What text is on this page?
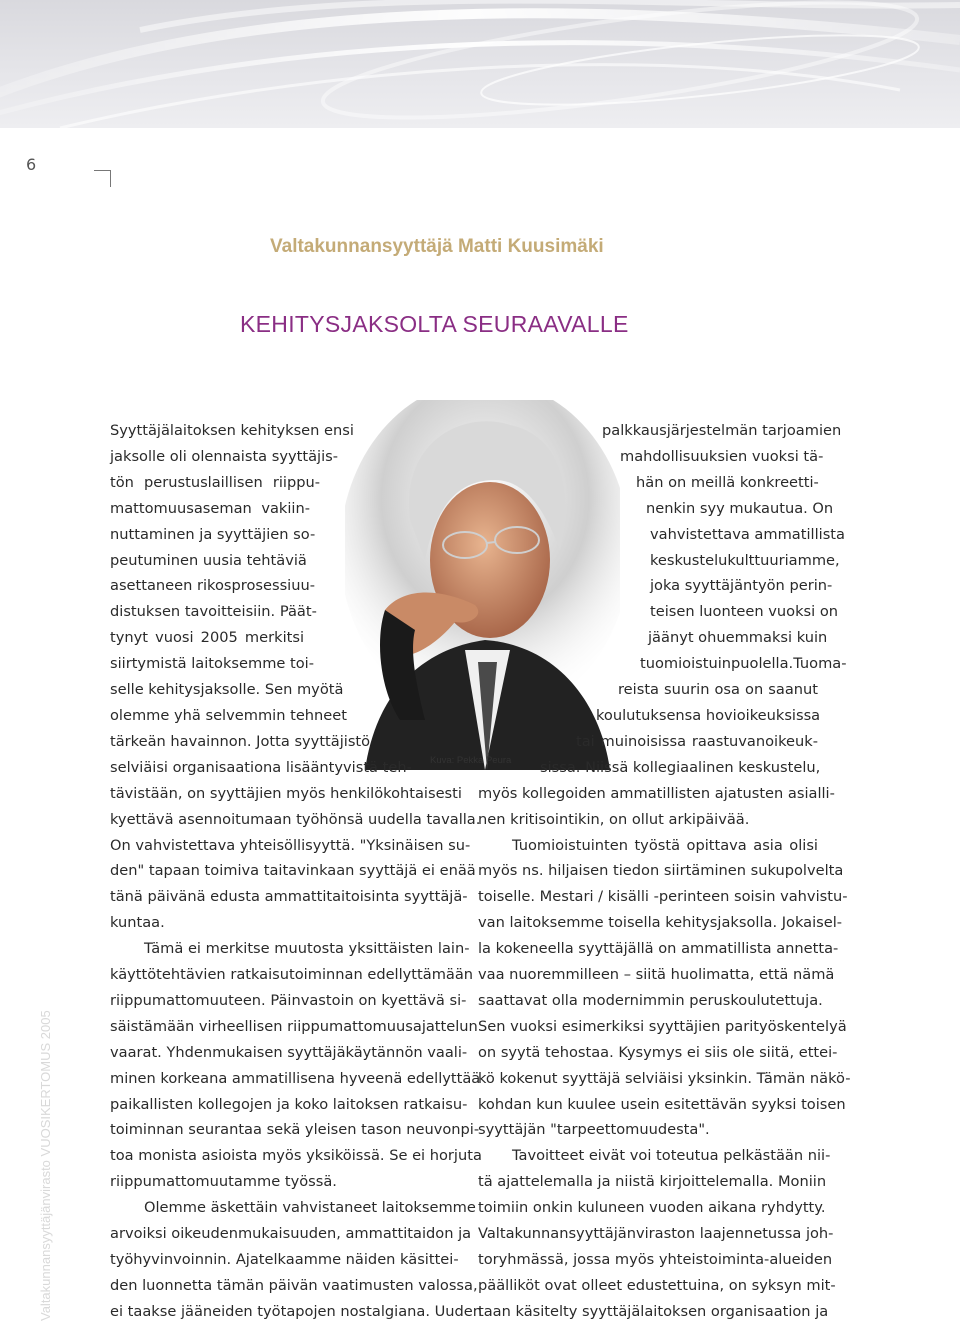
6
Valtakunnansyyttäjänvirasto VUOSIKERTOMUS 2005
Valtakunnansyyttäjä Matti Kuusimäki
KEHITYSJAKSOLTA SEURAAVALLE
Kuva: Pekka Peura
Syyttäjälaitoksen kehityksen ensi
jaksolle oli olennaista syyttäjis-
tön perustuslaillisen riippu-
mattomuusaseman vakiin-
nuttaminen ja syyttäjien so-
peutuminen uusia tehtäviä
asettaneen rikosprosessiuu-
distuksen tavoitteisiin. Päät-
tynyt vuosi 2005 merkitsi
siirtymistä laitoksemme toi-
selle kehitysjaksolle. Sen myötä
olemme yhä selvemmin tehneet
tärkeän havainnon. Jotta syyttäjistö
selviäisi organisaationa lisääntyvistä teh-
tävistään, on syyttäjien myös henkilökohtaisesti
kyettävä asennoitumaan työhönsä uudella tavalla.
On vahvistettava yhteisöllisyyttä. "Yksinäisen su-
den" tapaan toimiva taitavinkaan syyttäjä ei enää
tänä päivänä edusta ammattitaitoisinta syyttäjä-
kuntaa.
Tämä ei merkitse muutosta yksittäisten lain-
käyttötehtävien ratkaisutoiminnan edellyttämään
riippumattomuuteen. Päinvastoin on kyettävä si-
säistämään virheellisen riippumattomuusajattelun
vaarat. Yhdenmukaisen syyttäjäkäytännön vaali-
minen korkeana ammatillisena hyveenä edellyttää
paikallisten kollegojen ja koko laitoksen ratkaisu-
toiminnan seurantaa sekä yleisen tason neuvonpi-
toa monista asioista myös yksiköissä. Se ei horjuta
riippumattomuutamme työssä.
Olemme äskettäin vahvistaneet laitoksemme
arvoiksi oikeudenmukaisuuden, ammattitaidon ja
työhyvinvoinnin. Ajatelkaamme näiden käsittei-
den luonnetta tämän päivän vaatimusten valossa,
ei taakse jääneiden työtapojen nostalgiana. Uuden
palkkausjärjestelmän tarjoamien
mahdollisuuksien vuoksi tä-
hän on meillä konkreetti-
nenkin syy mukautua. On
vahvistettava ammatillista
keskustelukulttuuriamme,
joka syyttäjäntyön perin-
teisen luonteen vuoksi on
jäänyt ohuemmaksi kuin
tuomioistuinpuolella.Tuoma-
reista suurin osa on saanut
koulutuksensa hovioikeuksissa
tai muinoisissa raastuvanoikeuk-
sissa. Niissä kollegiaalinen keskustelu,
myös kollegoiden ammatillisten ajatusten asialli-
nen kritisointikin, on ollut arkipäivää.
Tuomioistuinten työstä opittava asia olisi
myös ns. hiljaisen tiedon siirtäminen sukupolvelta
toiselle. Mestari / kisälli -perinteen soisin vahvistu-
van laitoksemme toisella kehitysjaksolla. Jokaisel-
la kokeneella syyttäjällä on ammatillista annetta-
vaa nuoremmilleen – siitä huolimatta, että nämä
saattavat olla modernimmin peruskoulutettuja.
Sen vuoksi esimerkiksi syyttäjien parityöskentelyä
on syytä tehostaa. Kysymys ei siis ole siitä, ettei-
kö kokenut syyttäjä selviäisi yksinkin. Tämän näkö-
kohdan kun kuulee usein esitettävän syyksi toisen
syyttäjän "tarpeettomuudesta".
Tavoitteet eivät voi toteutua pelkästään nii-
tä ajattelemalla ja niistä kirjoittelemalla. Moniin
toimiin onkin kuluneen vuoden aikana ryhdytty.
Valtakunnansyyttäjänviraston laajennetussa joh-
toryhmässä, jossa myös yhteistoiminta-alueiden
päälliköt ovat olleet edustettuina, on syksyn mit-
taan käsitelty syyttäjälaitoksen organisaation ja
